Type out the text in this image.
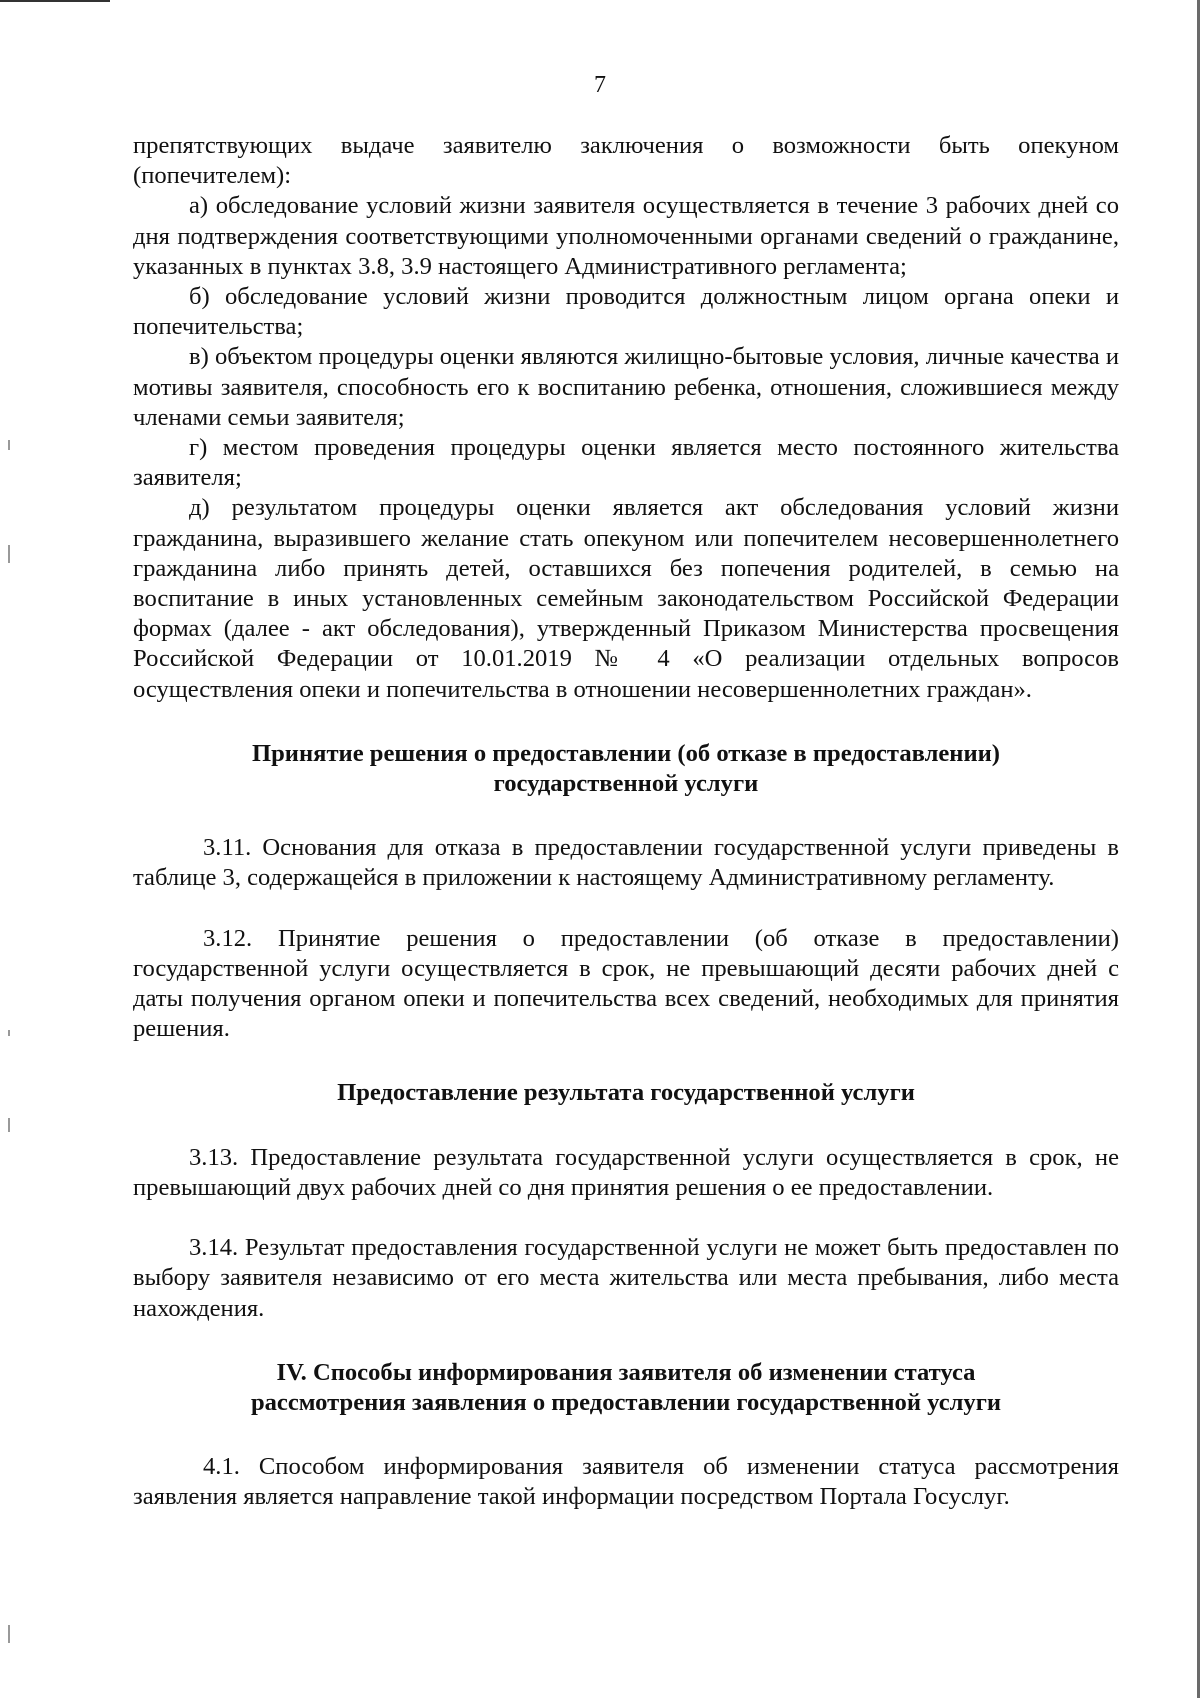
7

препятствующих выдаче заявителю заключения о возможности быть опекуном (попечителем):

а) обследование условий жизни заявителя осуществляется в течение 3 рабочих дней со дня подтверждения соответствующими уполномоченными органами сведений о гражданине, указанных в пунктах 3.8, 3.9 настоящего Административного регламента;

б) обследование условий жизни проводится должностным лицом органа опеки и попечительства;

в) объектом процедуры оценки являются жилищно-бытовые условия, личные качества и мотивы заявителя, способность его к воспитанию ребенка, отношения, сложившиеся между членами семьи заявителя;

г) местом проведения процедуры оценки является место постоянного жительства заявителя;

д) результатом процедуры оценки является акт обследования условий жизни гражданина, выразившего желание стать опекуном или попечителем несовершеннолетнего гражданина либо принять детей, оставшихся без попечения родителей, в семью на воспитание в иных установленных семейным законодательством Российской Федерации формах (далее - акт обследования), утвержденный Приказом Министерства просвещения Российской Федерации от 10.01.2019 № 4 «О реализации отдельных вопросов осуществления опеки и попечительства в отношении несовершеннолетних граждан».

Принятие решения о предоставлении (об отказе в предоставлении)

государственной услуги

3.11. Основания для отказа в предоставлении государственной услуги приведены в таблице 3, содержащейся в приложении к настоящему Административному регламенту.

3.12. Принятие решения о предоставлении (об отказе в предоставлении) государственной услуги осуществляется в срок, не превышающий десяти рабочих дней с даты получения органом опеки и попечительства всех сведений, необходимых для принятия решения.

Предоставление результата государственной услуги

3.13. Предоставление результата государственной услуги осуществляется в срок, не превышающий двух рабочих дней со дня принятия решения о ее предоставлении.

3.14. Результат предоставления государственной услуги не может быть предоставлен по выбору заявителя независимо от его места жительства или места пребывания, либо места нахождения.

IV. Способы информирования заявителя об изменении статуса

рассмотрения заявления о предоставлении государственной услуги

4.1. Способом информирования заявителя об изменении статуса рассмотрения заявления является направление такой информации посредством Портала Госуслуг.
